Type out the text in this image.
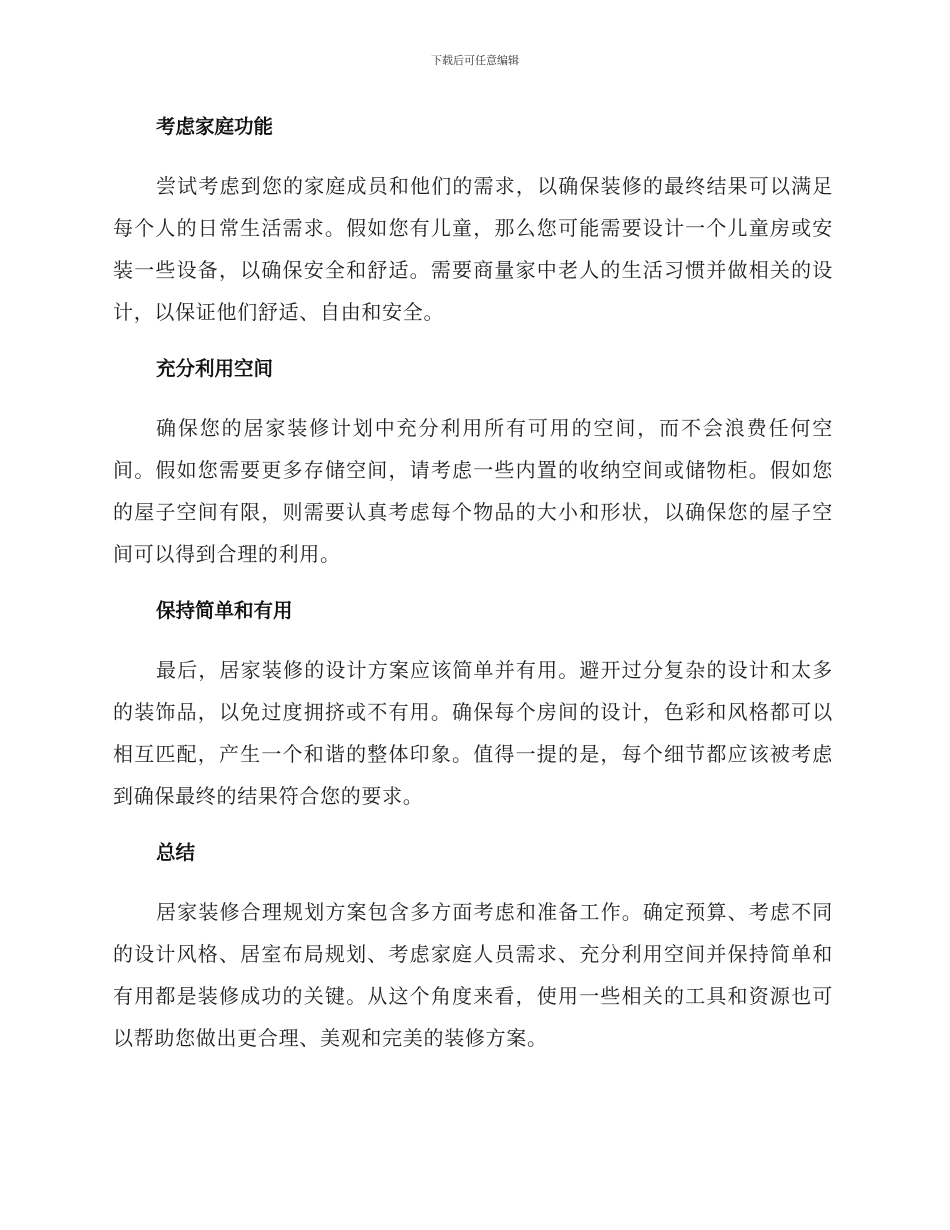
下载后可任意编辑
考虑家庭功能

尝试考虑到您的家庭成员和他们的需求，以确保装修的最终结果可以满足每个人的日常生活需求。假如您有儿童，那么您可能需要设计一个儿童房或安装一些设备，以确保安全和舒适。需要商量家中老人的生活习惯并做相关的设计，以保证他们舒适、自由和安全。

充分利用空间

确保您的居家装修计划中充分利用所有可用的空间，而不会浪费任何空间。假如您需要更多存储空间，请考虑一些内置的收纳空间或储物柜。假如您的屋子空间有限，则需要认真考虑每个物品的大小和形状，以确保您的屋子空间可以得到合理的利用。

保持简单和有用

最后，居家装修的设计方案应该简单并有用。避开过分复杂的设计和太多的装饰品，以免过度拥挤或不有用。确保每个房间的设计，色彩和风格都可以相互匹配，产生一个和谐的整体印象。值得一提的是，每个细节都应该被考虑到确保最终的结果符合您的要求。

总结

居家装修合理规划方案包含多方面考虑和准备工作。确定预算、考虑不同的设计风格、居室布局规划、考虑家庭人员需求、充分利用空间并保持简单和有用都是装修成功的关键。从这个角度来看，使用一些相关的工具和资源也可以帮助您做出更合理、美观和完美的装修方案。
